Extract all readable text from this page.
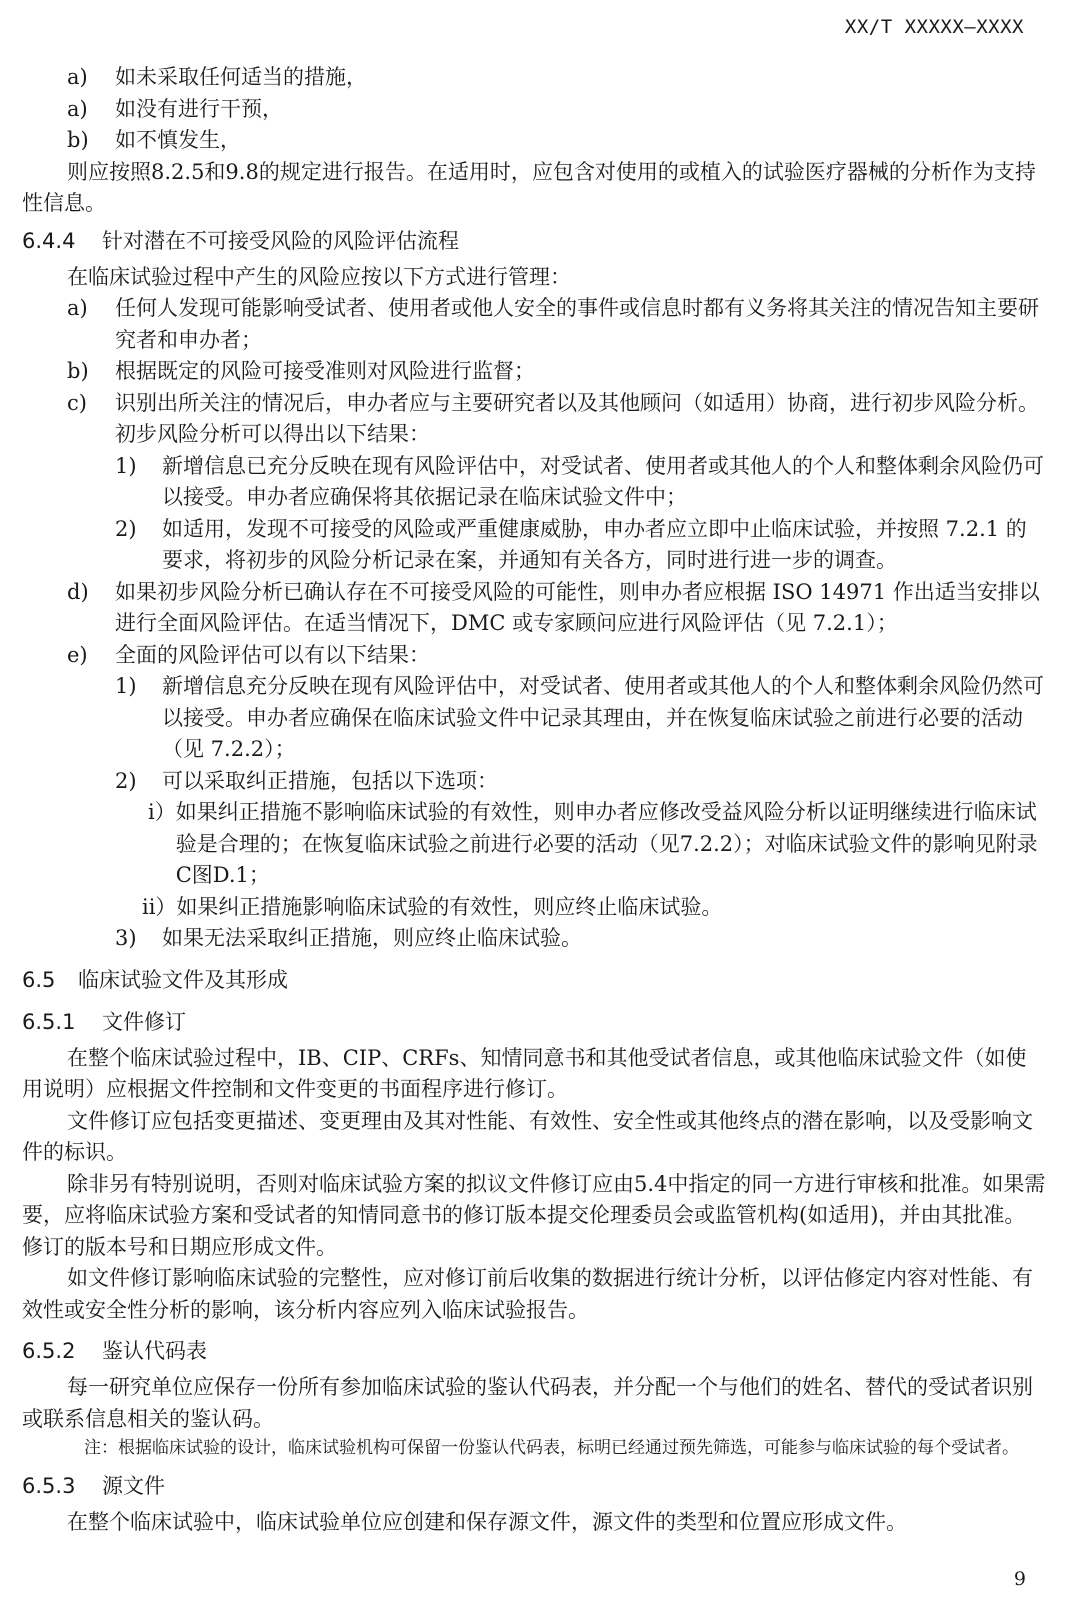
XX/T XXXXX—XXXX
a)	如未采取任何适当的措施，
a)	如没有进行干预，
b)	如不慎发生，

则应按照8.2.5和9.8的规定进行报告。在适用时，应包含对使用的或植入的试验医疗器械的分析作为支持性信息。

6.4.4 针对潜在不可接受风险的风险评估流程

在临床试验过程中产生的风险应按以下方式进行管理：

a)	任何人发现可能影响受试者、使用者或他人安全的事件或信息时都有义务将其关注的情况告知主要研究者和申办者；
b)	根据既定的风险可接受准则对风险进行监督；
c)	识别出所关注的情况后，申办者应与主要研究者以及其他顾问（如适用）协商，进行初步风险分析。初步风险分析可以得出以下结果：
1)	新增信息已充分反映在现有风险评估中，对受试者、使用者或其他人的个人和整体剩余风险仍可以接受。申办者应确保将其依据记录在临床试验文件中；
2)	如适用，发现不可接受的风险或严重健康威胁，申办者应立即中止临床试验，并按照 7.2.1 的要求，将初步的风险分析记录在案，并通知有关各方，同时进行进一步的调查。
d)	如果初步风险分析已确认存在不可接受风险的可能性，则申办者应根据 ISO 14971 作出适当安排以进行全面风险评估。在适当情况下，DMC 或专家顾问应进行风险评估（见 7.2.1）；
e)	全面的风险评估可以有以下结果：
1)	新增信息充分反映在现有风险评估中，对受试者、使用者或其他人的个人和整体剩余风险仍然可以接受。申办者应确保在临床试验文件中记录其理由，并在恢复临床试验之前进行必要的活动（见 7.2.2）；
2)	可以采取纠正措施，包括以下选项：
i） 如果纠正措施不影响临床试验的有效性，则申办者应修改受益风险分析以证明继续进行临床试验是合理的；在恢复临床试验之前进行必要的活动（见7.2.2）；对临床试验文件的影响见附录C图D.1；
ii） 如果纠正措施影响临床试验的有效性，则应终止临床试验。
3)	如果无法采取纠正措施，则应终止临床试验。
6.5 临床试验文件及其形成
6.5.1 文件修订

在整个临床试验过程中，IB、CIP、CRFs、知情同意书和其他受试者信息，或其他临床试验文件（如使用说明）应根据文件控制和文件变更的书面程序进行修订。

文件修订应包括变更描述、变更理由及其对性能、有效性、安全性或其他终点的潜在影响，以及受影响文件的标识。

除非另有特别说明，否则对临床试验方案的拟议文件修订应由5.4中指定的同一方进行审核和批准。如果需要，应将临床试验方案和受试者的知情同意书的修订版本提交伦理委员会或监管机构(如适用)，并由其批准。修订的版本号和日期应形成文件。

如文件修订影响临床试验的完整性，应对修订前后收集的数据进行统计分析，以评估修定内容对性能、有效性或安全性分析的影响，该分析内容应列入临床试验报告。

6.5.2 鉴认代码表

每一研究单位应保存一份所有参加临床试验的鉴认代码表，并分配一个与他们的姓名、替代的受试者识别或联系信息相关的鉴认码。

注： 根据临床试验的设计，临床试验机构可保留一份鉴认代码表，标明已经通过预先筛选，可能参与临床试验的每个受试者。
6.5.3 源文件

在整个临床试验中，临床试验单位应创建和保存源文件，源文件的类型和位置应形成文件。

9
